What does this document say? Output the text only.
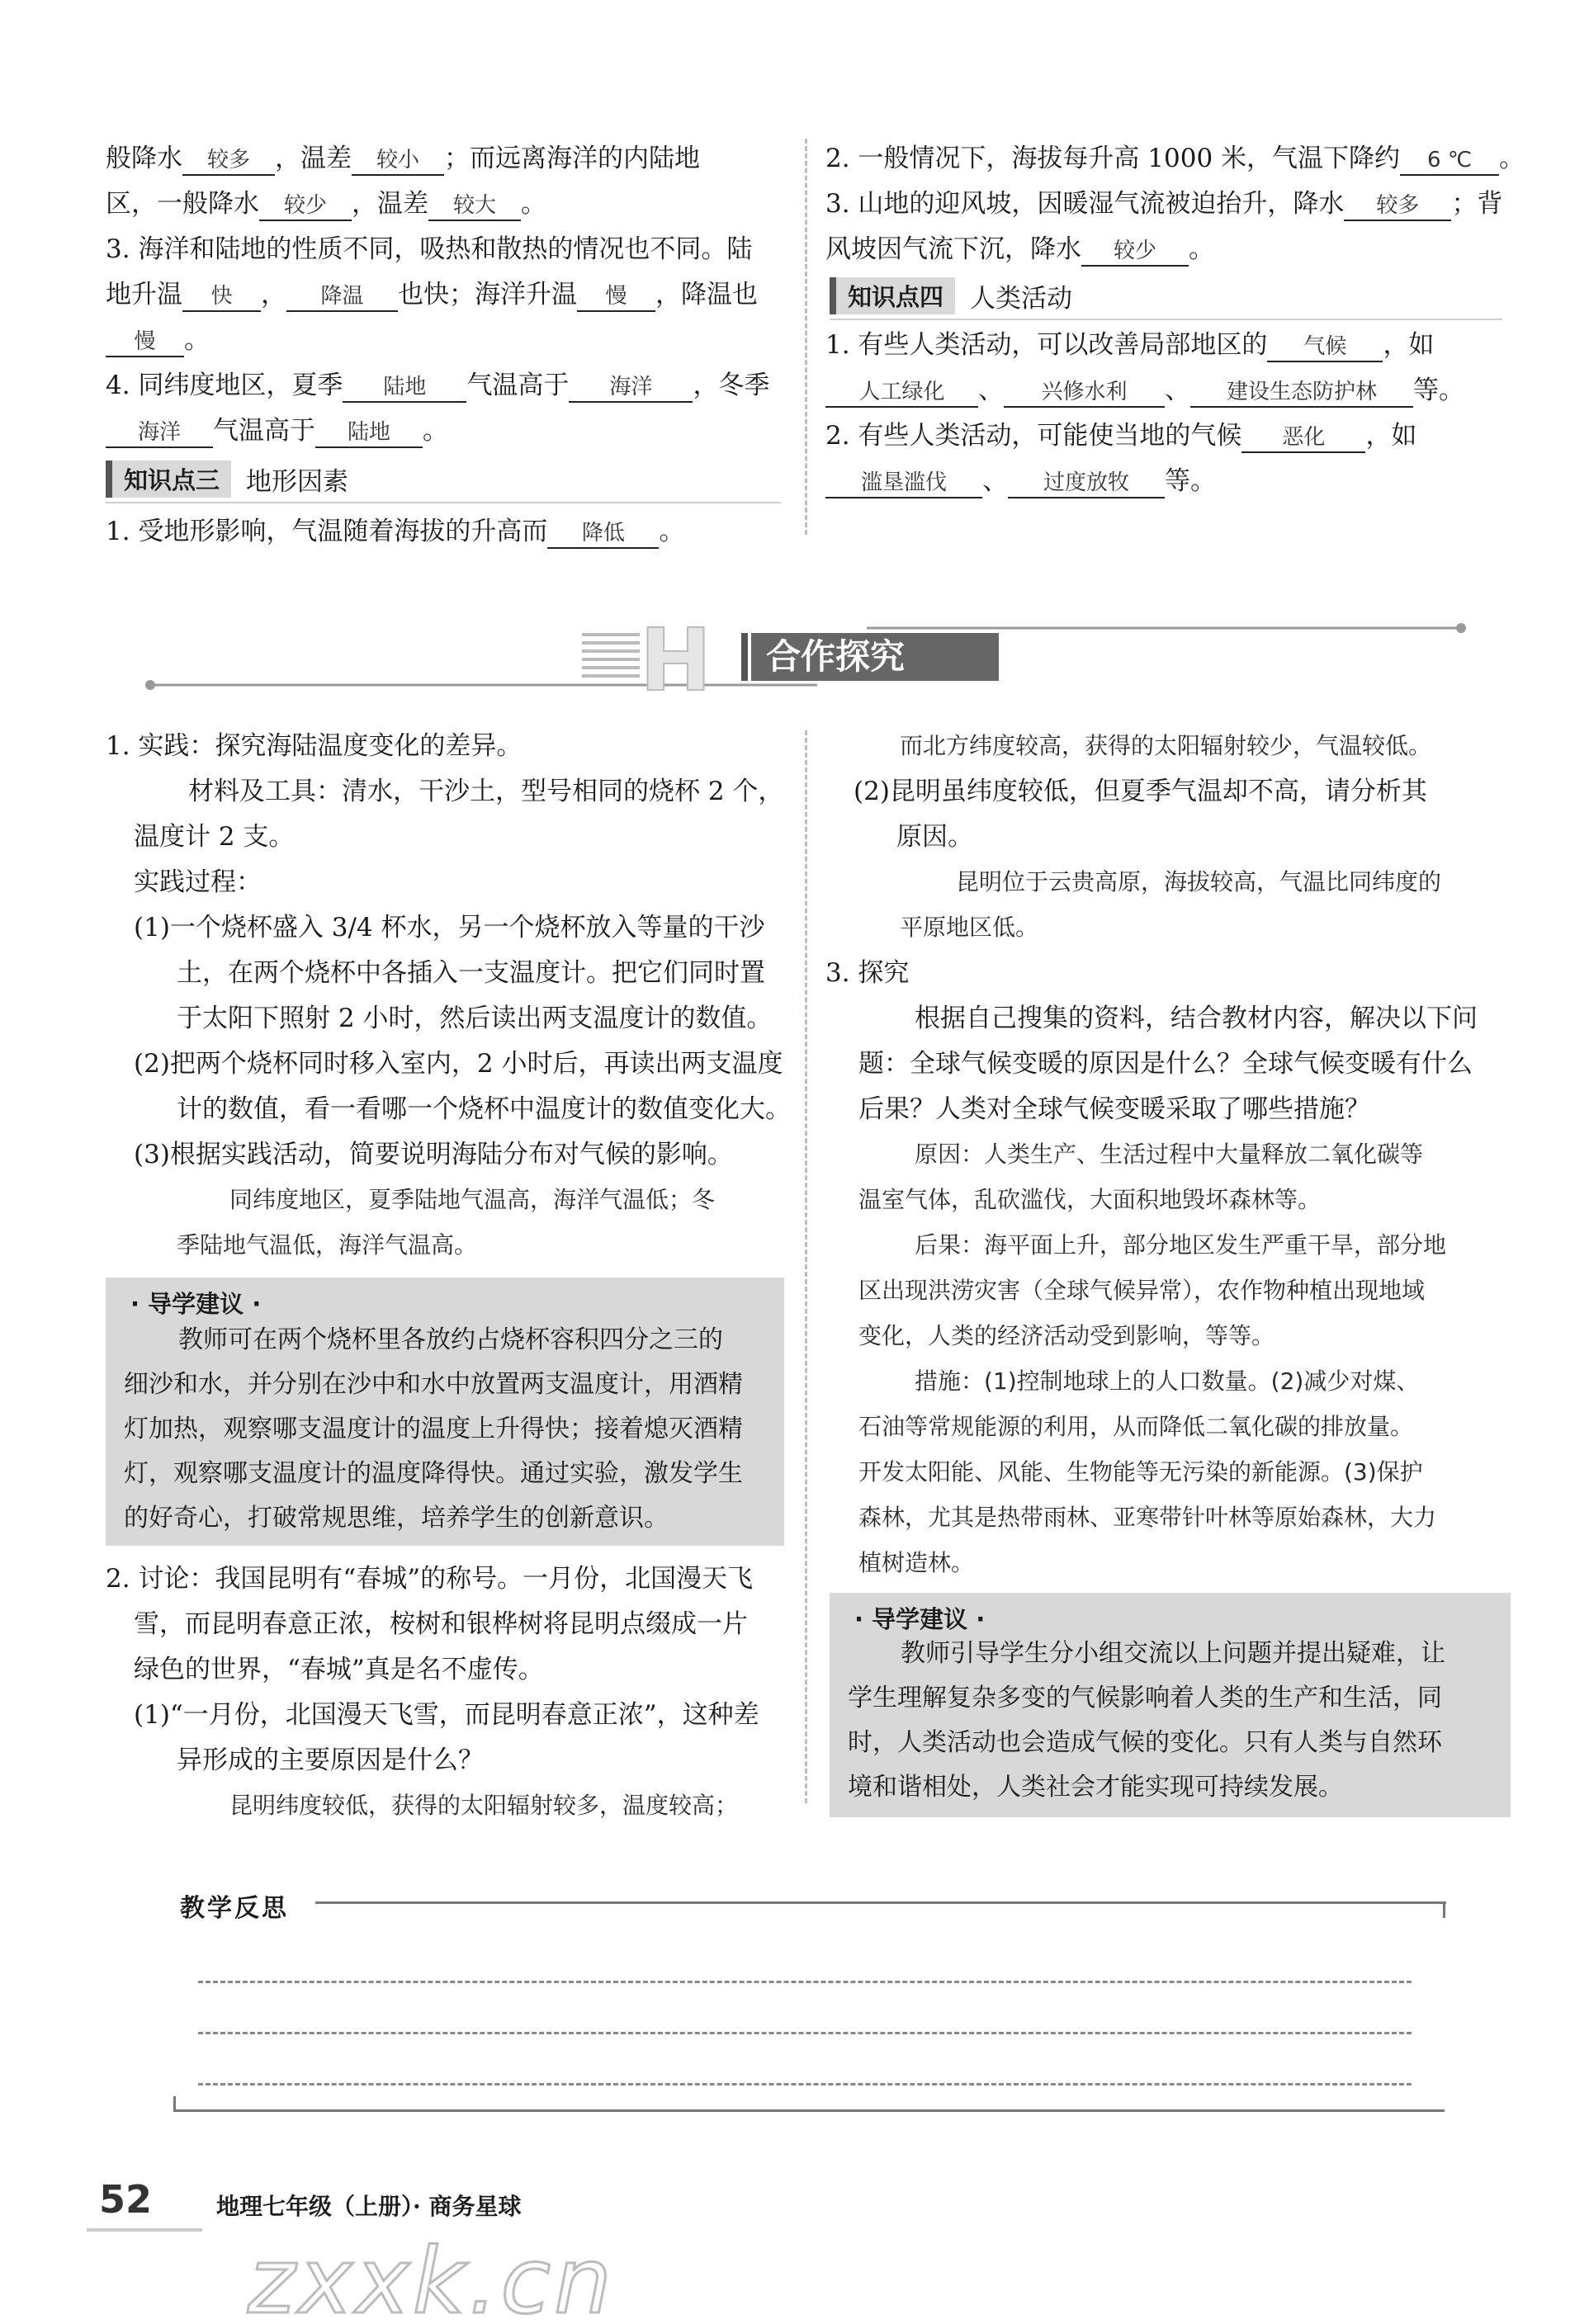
般降水 较多 ，温差 较小 ；而远离海洋的内陆地
区，一般降水 较少 ，温差 较大 。
3. 海洋和陆地的性质不同，吸热和散热的情况也不同。陆
地升温 快 ， 降温 也快；海洋升温 慢 ，降温也
慢 。
4. 同纬度地区，夏季 陆地 气温高于 海洋 ，冬季
海洋 气温高于 陆地 。
知识点三	地形因素
1. 受地形影响，气温随着海拔的升高而 降低 。
2. 一般情况下，海拔每升高 1000 米，气温下降约 6 ℃ 。
3. 山地的迎风坡，因暖湿气流被迫抬升，降水 较多 ；背
风坡因气流下沉，降水 较少 。
知识点四	人类活动
1. 有些人类活动，可以改善局部地区的 气候 ，如
人工绿化 、 兴修水利 、 建设生态防护林 等。
2. 有些人类活动，可能使当地的气候 恶化 ，如
滥垦滥伐 、 过度放牧 等。
H	合作探究
1. 实践：探究海陆温度变化的差异。
材料及工具：清水，干沙土，型号相同的烧杯 2 个，
温度计 2 支。
实践过程：
(1)一个烧杯盛入 3/4 杯水，另一个烧杯放入等量的干沙
土，在两个烧杯中各插入一支温度计。把它们同时置
于太阳下照射 2 小时，然后读出两支温度计的数值。
(2)把两个烧杯同时移入室内，2 小时后，再读出两支温度
计的数值，看一看哪一个烧杯中温度计的数值变化大。
(3)根据实践活动，简要说明海陆分布对气候的影响。
同纬度地区，夏季陆地气温高，海洋气温低；冬
季陆地气温低，海洋气温高。
· 导学建议 ·
教师可在两个烧杯里各放约占烧杯容积四分之三的
细沙和水，并分别在沙中和水中放置两支温度计，用酒精
灯加热，观察哪支温度计的温度上升得快；接着熄灭酒精
灯，观察哪支温度计的温度降得快。通过实验，激发学生
的好奇心，打破常规思维，培养学生的创新意识。
2. 讨论：我国昆明有“春城”的称号。一月份，北国漫天飞
雪，而昆明春意正浓，桉树和银桦树将昆明点缀成一片
绿色的世界，“春城”真是名不虚传。
(1)“一月份，北国漫天飞雪，而昆明春意正浓”，这种差
异形成的主要原因是什么？
昆明纬度较低，获得的太阳辐射较多，温度较高；
而北方纬度较高，获得的太阳辐射较少，气温较低。
(2)昆明虽纬度较低，但夏季气温却不高，请分析其
原因。
昆明位于云贵高原，海拔较高，气温比同纬度的
平原地区低。
3. 探究
根据自己搜集的资料，结合教材内容，解决以下问
题：全球气候变暖的原因是什么？全球气候变暖有什么
后果？人类对全球气候变暖采取了哪些措施？
原因：人类生产、生活过程中大量释放二氧化碳等
温室气体，乱砍滥伐，大面积地毁坏森林等。
后果：海平面上升，部分地区发生严重干旱，部分地
区出现洪涝灾害（全球气候异常），农作物种植出现地域
变化，人类的经济活动受到影响，等等。
措施：(1)控制地球上的人口数量。(2)减少对煤、
石油等常规能源的利用，从而降低二氧化碳的排放量。
开发太阳能、风能、生物能等无污染的新能源。(3)保护
森林，尤其是热带雨林、亚寒带针叶林等原始森林，大力
植树造林。
· 导学建议 ·
教师引导学生分小组交流以上问题并提出疑难，让
学生理解复杂多变的气候影响着人类的生产和生活，同
时，人类活动也会造成气候的变化。只有人类与自然环
境和谐相处，人类社会才能实现可持续发展。
教学反思
52	地理七年级（上册）· 商务星球
zxxk.cn
